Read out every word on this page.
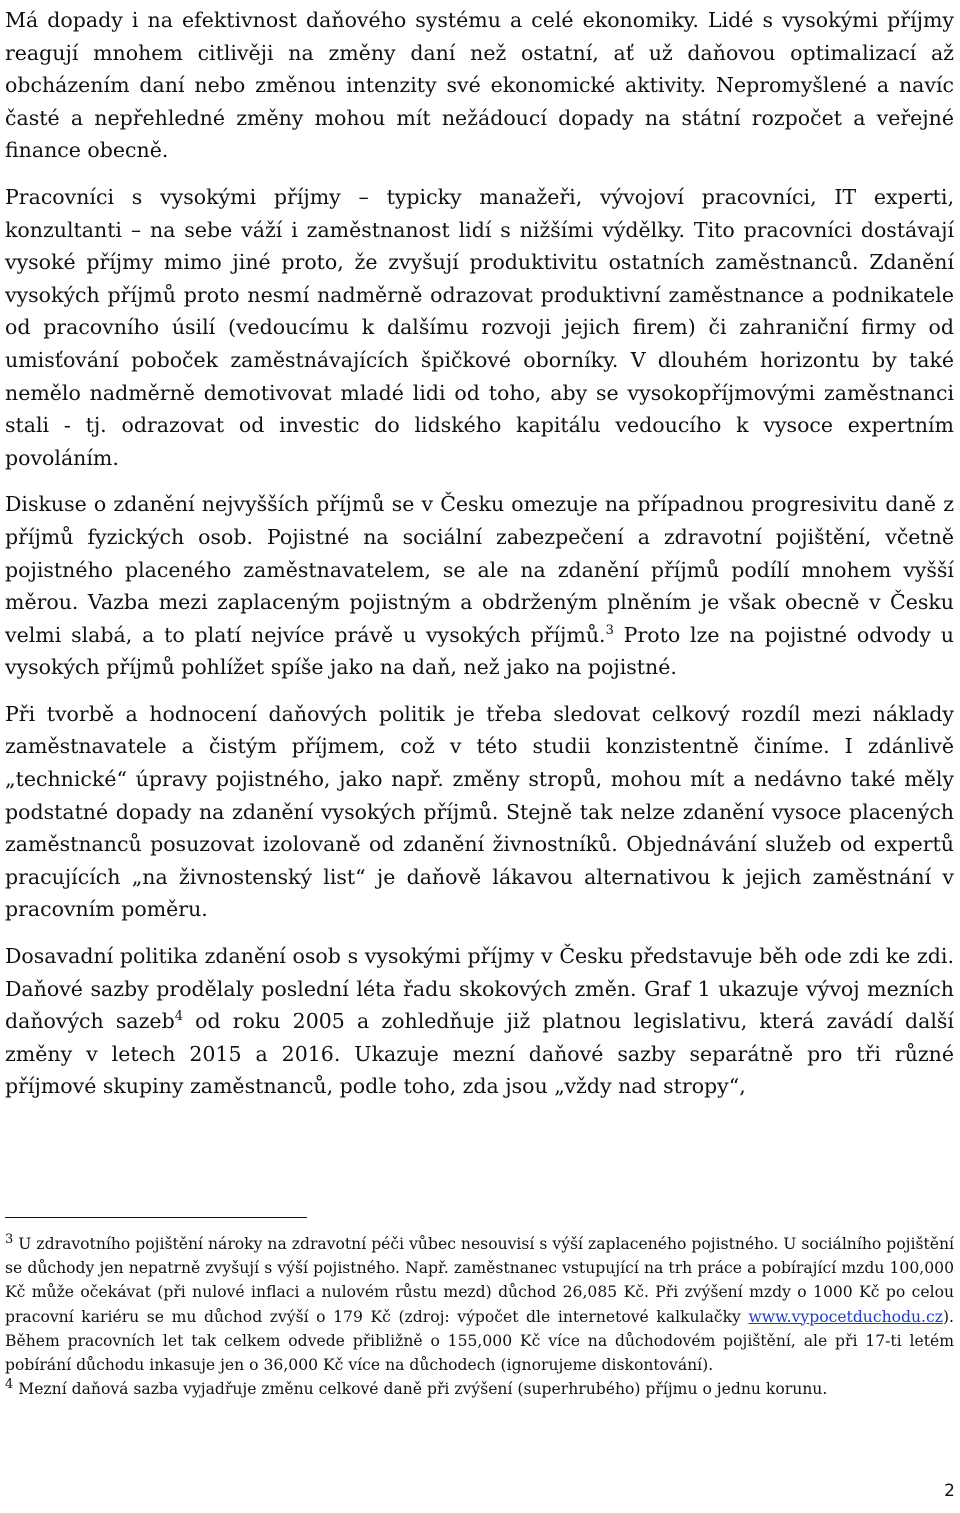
Má dopady i na efektivnost daňového systému a celé ekonomiky. Lidé s vysokými příjmy reagují mnohem citlivěji na změny daní než ostatní, ať už daňovou optimalizací až obcházením daní nebo změnou intenzity své ekonomické aktivity. Nepromyšlené a navíc časté a nepřehledné změny mohou mít nežádoucí dopady na státní rozpočet a veřejné finance obecně.

Pracovníci s vysokými příjmy – typicky manažeři, vývojoví pracovníci, IT experti, konzultanti – na sebe váží i zaměstnanost lidí s nižšími výdělky. Tito pracovníci dostávají vysoké příjmy mimo jiné proto, že zvyšují produktivitu ostatních zaměstnanců. Zdanění vysokých příjmů proto nesmí nadměrně odrazovat produktivní zaměstnance a podnikatele od pracovního úsilí (vedoucímu k dalšímu rozvoji jejich firem) či zahraniční firmy od umisťování poboček zaměstnávajících špičkové oborníky. V dlouhém horizontu by také nemělo nadměrně demotivovat mladé lidi od toho, aby se vysokopříjmovými zaměstnanci stali - tj. odrazovat od investic do lidského kapitálu vedoucího k vysoce expertním povoláním.

Diskuse o zdanění nejvyšších příjmů se v Česku omezuje na případnou progresivitu daně z příjmů fyzických osob. Pojistné na sociální zabezpečení a zdravotní pojištění, včetně pojistného placeného zaměstnavatelem, se ale na zdanění příjmů podílí mnohem vyšší měrou. Vazba mezi zaplaceným pojistným a obdrženým plněním je však obecně v Česku velmi slabá, a to platí nejvíce právě u vysokých příjmů.$^3$ Proto lze na pojistné odvody u vysokých příjmů pohlížet spíše jako na daň, než jako na pojistné.

Při tvorbě a hodnocení daňových politik je třeba sledovat celkový rozdíl mezi náklady zaměstnavatele a čistým příjmem, což v této studii konzistentně činíme. I zdánlivě „technické“ úpravy pojistného, jako např. změny stropů, mohou mít a nedávno také měly podstatné dopady na zdanění vysokých příjmů. Stejně tak nelze zdanění vysoce placených zaměstnanců posuzovat izolovaně od zdanění živnostníků. Objednávání služeb od expertů pracujících „na živnostenský list“ je daňově lákavou alternativou k jejich zaměstnání v pracovním poměru.

Dosavadní politika zdanění osob s vysokými příjmy v Česku představuje běh ode zdi ke zdi. Daňové sazby prodělaly poslední léta řadu skokových změn. Graf 1 ukazuje vývoj mezních daňových sazeb$^4$ od roku 2005 a zohledňuje již platnou legislativu, která zavádí další změny v letech 2015 a 2016. Ukazuje mezní daňové sazby separátně pro tři různé příjmové skupiny zaměstnanců, podle toho, zda jsou „vždy nad stropy“,

$^3$ U zdravotního pojištění nároky na zdravotní péči vůbec nesouvisí s výší zaplaceného pojistného. U sociálního pojištění se důchody jen nepatrně zvyšují s výší pojistného. Např. zaměstnanec vstupující na trh práce a pobírající mzdu 100,000 Kč může očekávat (při nulové inflaci a nulovém růstu mezd) důchod 26,085 Kč. Při zvýšení mzdy o 1000 Kč po celou pracovní kariéru se mu důchod zvýší o 179 Kč (zdroj: výpočet dle internetové kalkulačky www.vypocetduchodu.cz). Během pracovních let tak celkem odvede přibližně o 155,000 Kč více na důchodovém pojištění, ale při 17-ti letém pobírání důchodu inkasuje jen o 36,000 Kč více na důchodech (ignorujeme diskontování).

$^4$ Mezní daňová sazba vyjadřuje změnu celkové daně při zvýšení (superhrubého) příjmu o jednu korunu.

2
